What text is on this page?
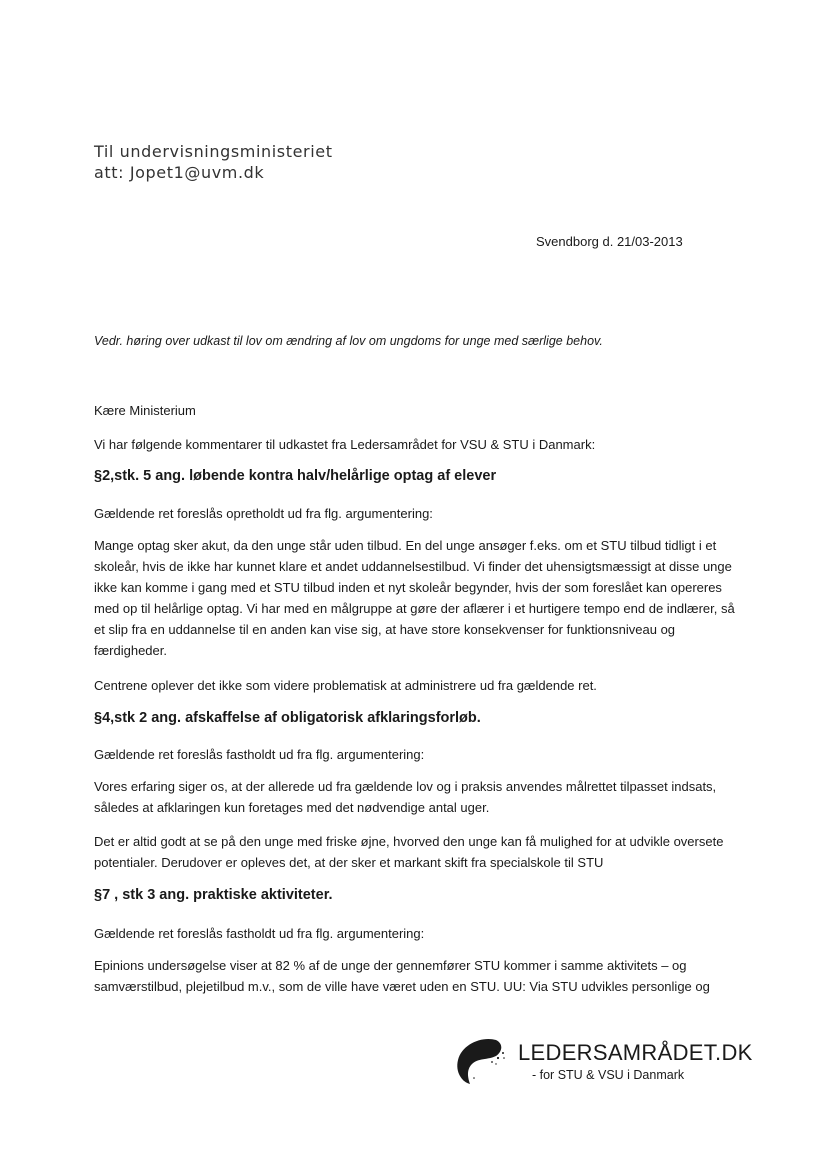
Til undervisningsministeriet
att: Jopet1@uvm.dk
Svendborg d. 21/03-2013
Vedr. høring over udkast til lov om ændring af lov om ungdoms for unge med særlige behov.
Kære Ministerium
Vi har følgende kommentarer til udkastet fra Ledersamrådet for VSU & STU i Danmark:
§2,stk. 5 ang. løbende kontra halv/helårlige optag af elever
Gældende ret foreslås opretholdt ud fra flg. argumentering:
Mange optag sker akut, da den unge står uden tilbud. En del unge ansøger f.eks. om et STU tilbud tidligt i et skoleår, hvis de ikke har kunnet klare et andet uddannelsestilbud. Vi finder det uhensigtsmæssigt at disse unge ikke kan komme i gang med et STU tilbud inden et nyt skoleår begynder, hvis der som foreslået kan opereres med op til helårlige optag. Vi har med en målgruppe at gøre der aflærer i et hurtigere tempo end de indlærer, så et slip fra en uddannelse til en anden kan vise sig, at have store konsekvenser for funktionsniveau og færdigheder.
Centrene oplever det ikke som videre problematisk at administrere ud fra gældende ret.
§4,stk 2 ang. afskaffelse af obligatorisk afklaringsforløb.
Gældende ret foreslås fastholdt ud fra flg. argumentering:
Vores erfaring siger os, at der allerede ud fra gældende lov og i praksis anvendes målrettet tilpasset indsats, således at afklaringen kun foretages med det nødvendige antal uger.
Det er altid godt at se på den unge med friske øjne, hvorved den unge kan få mulighed for at udvikle oversete potentialer. Derudover er opleves det, at der sker et markant skift fra specialskole til STU
§7 , stk 3 ang. praktiske aktiviteter.
Gældende ret foreslås fastholdt ud fra flg. argumentering:
Epinions undersøgelse viser at 82 % af de unge der gennemfører STU kommer i samme aktivitets – og samværstilbud, plejetilbud m.v., som de ville have været uden en STU. UU: Via STU udvikles personlige og
LEDERSAMRÅDET.DK
- for STU & VSU i Danmark
